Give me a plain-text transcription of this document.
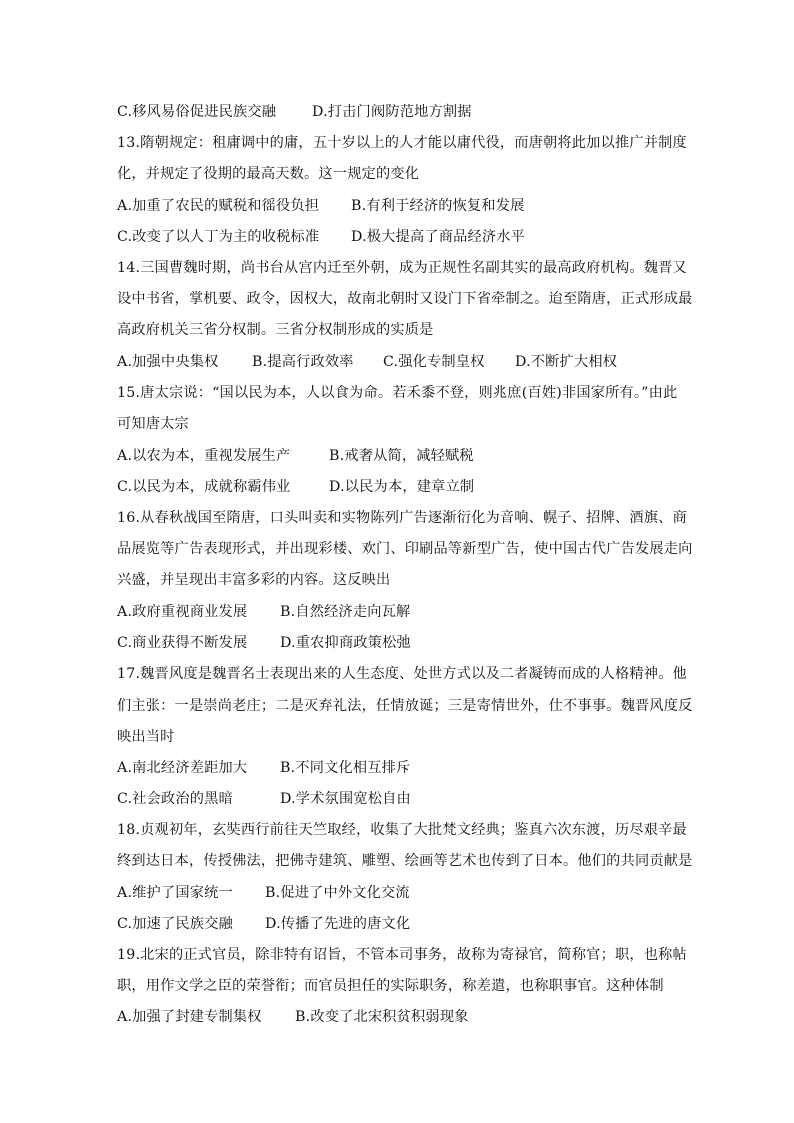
C.移风易俗促进民族交融	D.打击门阀防范地方割据
13.隋朝规定：租庸调中的庸，五十岁以上的人才能以庸代役，而唐朝将此加以推广并制度
化，并规定了役期的最高天数。这一规定的变化
A.加重了农民的赋税和徭役负担 B.有利于经济的恢复和发展
C.改变了以人丁为主的收税标准 D.极大提高了商品经济水平
14.三国曹魏时期，尚书台从宫内迁至外朝，成为正规性名副其实的最高政府机构。魏晋又
设中书省，掌机要、政令，因权大，故南北朝时又设门下省牵制之。迨至隋唐，正式形成最
高政府机关三省分权制。三省分权制形成的实质是
A.加强中央集权 B.提高行政效率 C.强化专制皇权 D.不断扩大相权
15.唐太宗说：“国以民为本，人以食为命。若禾黍不登，则兆庶(百姓)非国家所有。”由此
可知唐太宗
A.以农为本，重视发展生产	B.戒奢从简，减轻赋税
C.以民为本，成就称霸伟业	D.以民为本，建章立制
16.从春秋战国至隋唐，口头叫卖和实物陈列广告逐渐衍化为音响、幌子、招牌、酒旗、商
品展览等广告表现形式，并出现彩楼、欢门、印刷品等新型广告，使中国古代广告发展走向
兴盛，并呈现出丰富多彩的内容。这反映出
A.政府重视商业发展 B.自然经济走向瓦解
C.商业获得不断发展 D.重农抑商政策松弛
17.魏晋风度是魏晋名士表现出来的人生态度、处世方式以及二者凝铸而成的人格精神。他
们主张：一是崇尚老庄；二是灭弃礼法，任情放诞；三是寄情世外，仕不事事。魏晋风度反
映出当时
A.南北经济差距加大 B.不同文化相互排斥
C.社会政治的黑暗	D.学术氛围宽松自由
18.贞观初年，玄奘西行前往天竺取经，收集了大批梵文经典；鉴真六次东渡，历尽艰辛最
终到达日本，传授佛法，把佛寺建筑、雕塑、绘画等艺术也传到了日本。他们的共同贡献是
A.维护了国家统一 B.促进了中外文化交流
C.加速了民族交融 D.传播了先进的唐文化
19.北宋的正式官员，除非特有诏旨，不管本司事务，故称为寄禄官，简称官；职，也称帖
职，用作文学之臣的荣誉衔；而官员担任的实际职务，称差遣，也称职事官。这种体制
A.加强了封建专制集权 B.改变了北宋积贫积弱现象
